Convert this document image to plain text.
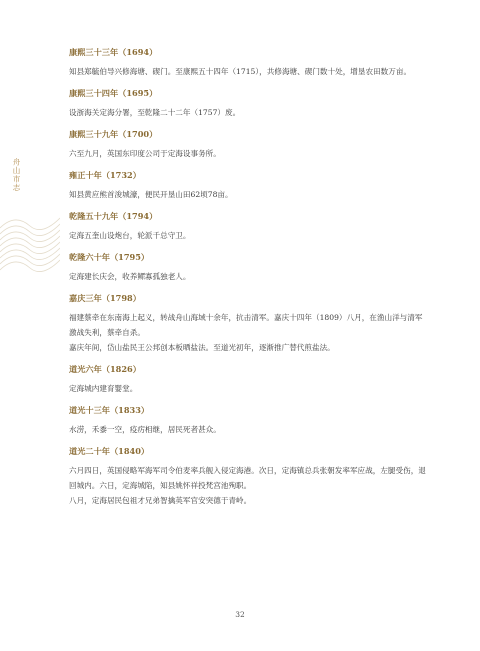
舟山市志
康熙三十三年（1694）
知县郑毓伯导兴修海塘、碶门。至康熙五十四年（1715），共修海塘、碶门数十处，增垦农田数万亩。
康熙三十四年（1695）
设浙海关定海分署，至乾隆二十二年（1757）废。
康熙三十九年（1700）
六至九月，英国东印度公司于定海设事务所。
雍正十年（1732）
知县黄应熊首浚城濠，便民开垦山田62顷78亩。
乾隆五十九年（1794）
定海五奎山设炮台，轮派千总守卫。
乾隆六十年（1795）
定海建长庆会，收养鳏寡孤独老人。
嘉庆三年（1798）
福建蔡牵在东南海上起义，转战舟山海域十余年，抗击清军。嘉庆十四年（1809）八月，在渔山洋与清军激战失利，蔡牵自杀。
嘉庆年间，岱山盐民王公邦创本板晒盐法。至道光初年，逐渐推广替代煎盐法。
道光六年（1826）
定海城内建育婴堂。
道光十三年（1833）
水涝，禾黍一空，疫疠相继，居民死者甚众。
道光二十年（1840）
六月四日，英国侵略军海军司令伯麦率兵舰入侵定海港。次日，定海镇总兵张朝发率军应战，左腿受伤，退回城内。六日，定海城陷，知县姚怀祥投梵宫池殉职。
八月，定海居民包祖才兄弟智擒英军官安突德于青岭。
32
